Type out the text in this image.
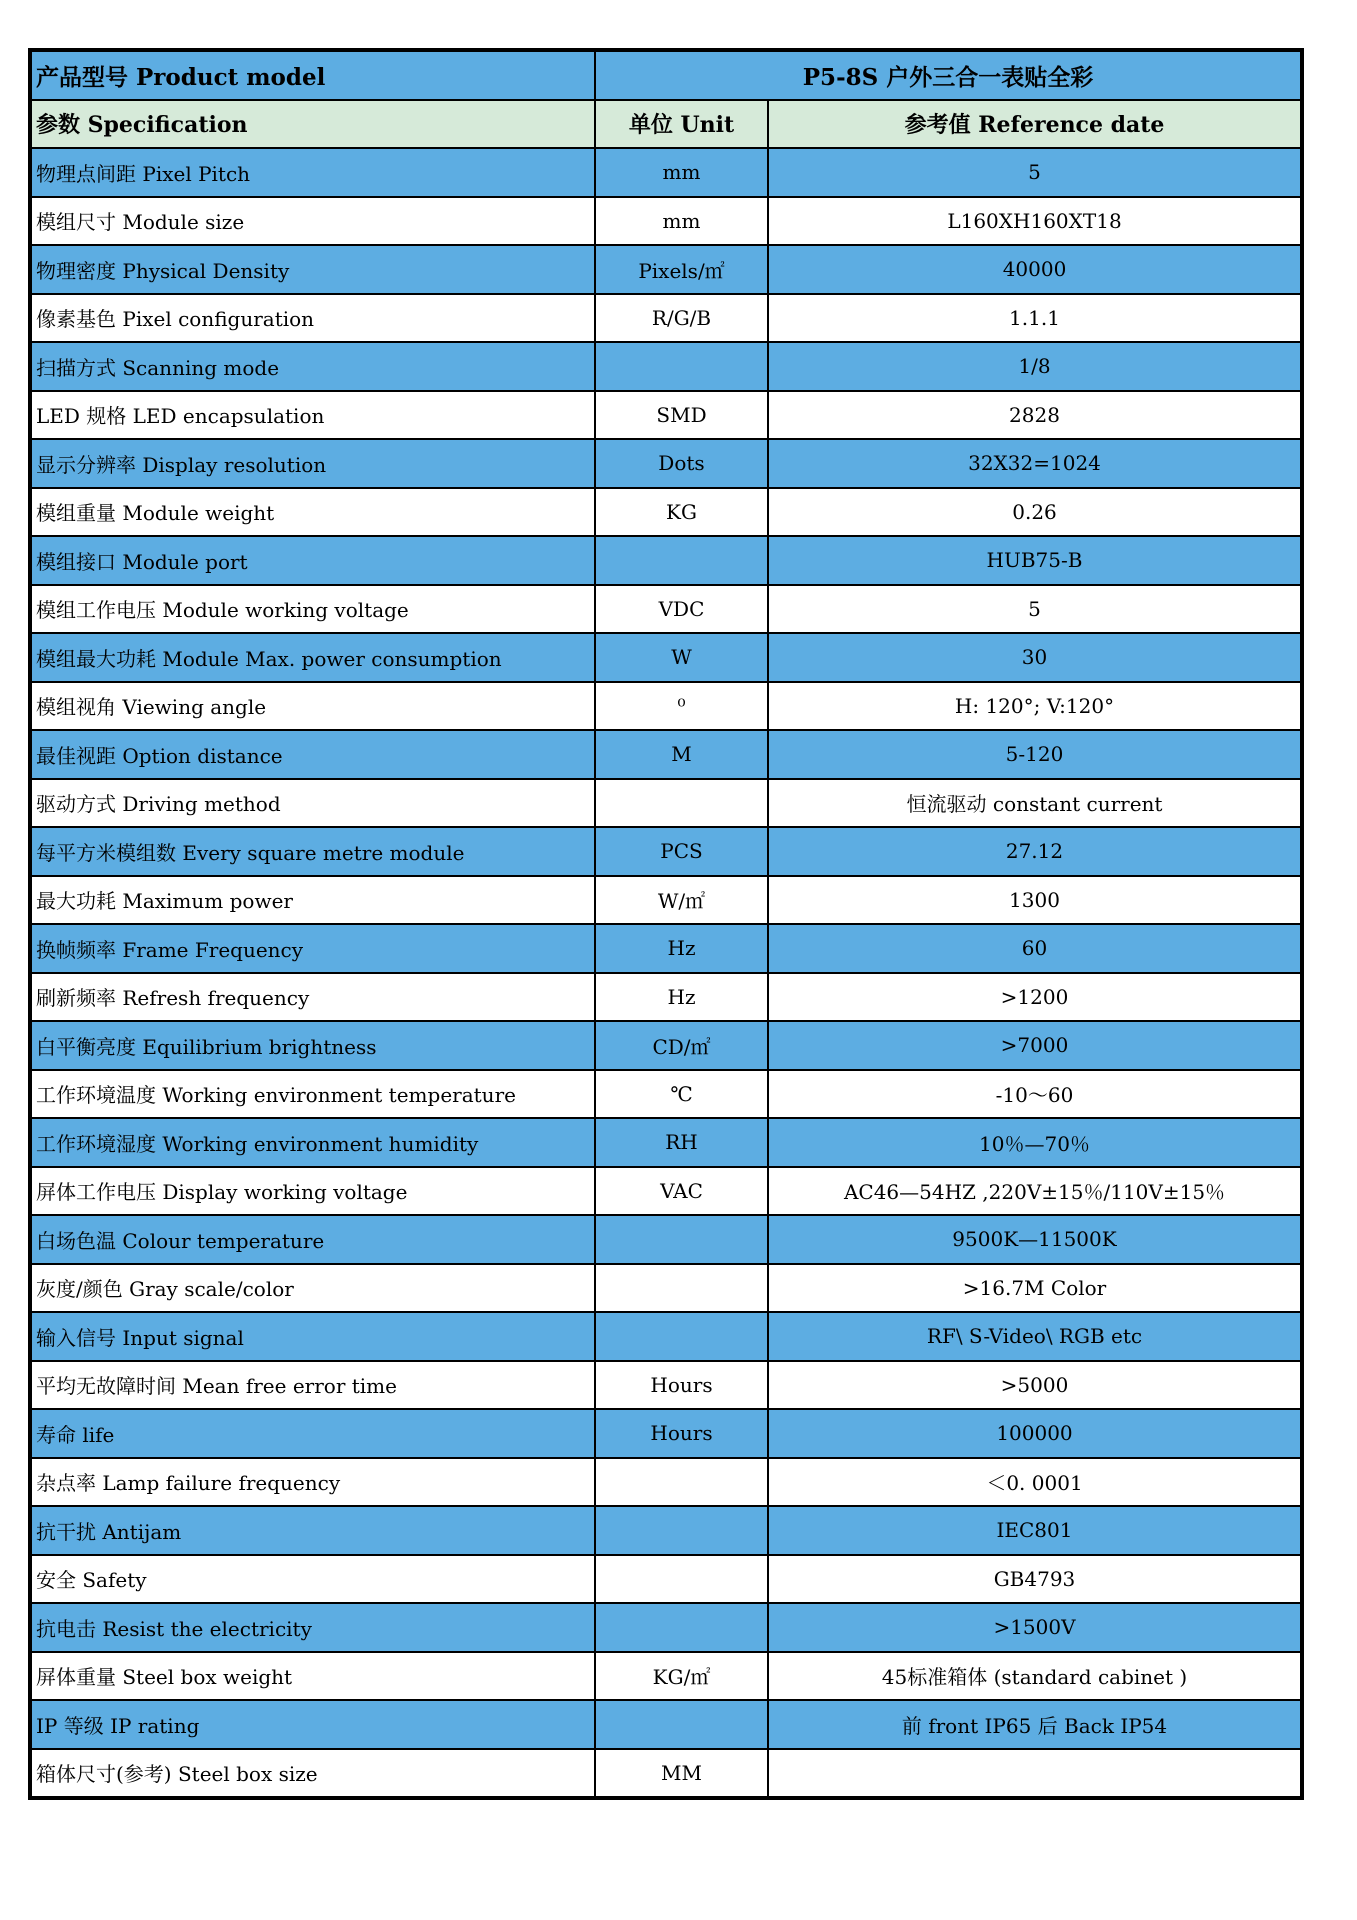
产品型号 Product model	P5-8S 户外三合一表贴全彩	
参数 Specification	单位 Unit	参考值 Reference date
物理点间距 Pixel Pitch	mm	5
模组尺寸 Module size	mm	L160XH160XT18
物理密度 Physical Density	Pixels/㎡	40000
像素基色 Pixel configuration	R/G/B	1.1.1
扫描方式 Scanning mode		1/8
LED 规格 LED encapsulation	SMD	2828
显示分辨率 Display resolution	Dots	32X32=1024
模组重量 Module weight	KG	0.26
模组接口 Module port		HUB75-B
模组工作电压 Module working voltage	VDC	5
模组最大功耗 Module Max. power consumption	W	30
模组视角 Viewing angle	⁰	H: 120°; V:120°
最佳视距 Option distance	M	5-120
驱动方式 Driving method		恒流驱动 constant current
每平方米模组数 Every square metre module	PCS	27.12
最大功耗 Maximum power	W/㎡	1300
换帧频率 Frame Frequency	Hz	60
刷新频率 Refresh frequency	Hz	>1200
白平衡亮度 Equilibrium brightness	CD/㎡	>7000
工作环境温度 Working environment temperature	℃	-10～60
工作环境湿度 Working environment humidity	RH	10％—70％
屏体工作电压 Display working voltage	VAC	AC46—54HZ ,220V±15％/110V±15％
白场色温 Colour temperature		9500K—11500K
灰度/颜色 Gray scale/color		>16.7M Color
输入信号 Input signal		RF\ S-Video\ RGB etc
平均无故障时间 Mean free error time	Hours	>5000
寿命 life	Hours	100000
杂点率 Lamp failure frequency		＜0. 0001
抗干扰 Antijam		IEC801
安全 Safety		GB4793
抗电击 Resist the electricity		>1500V
屏体重量 Steel box weight	KG/㎡	45标准箱体 (standard cabinet )
IP 等级 IP rating		前 front IP65 后 Back IP54
箱体尺寸(参考) Steel box size	MM	
